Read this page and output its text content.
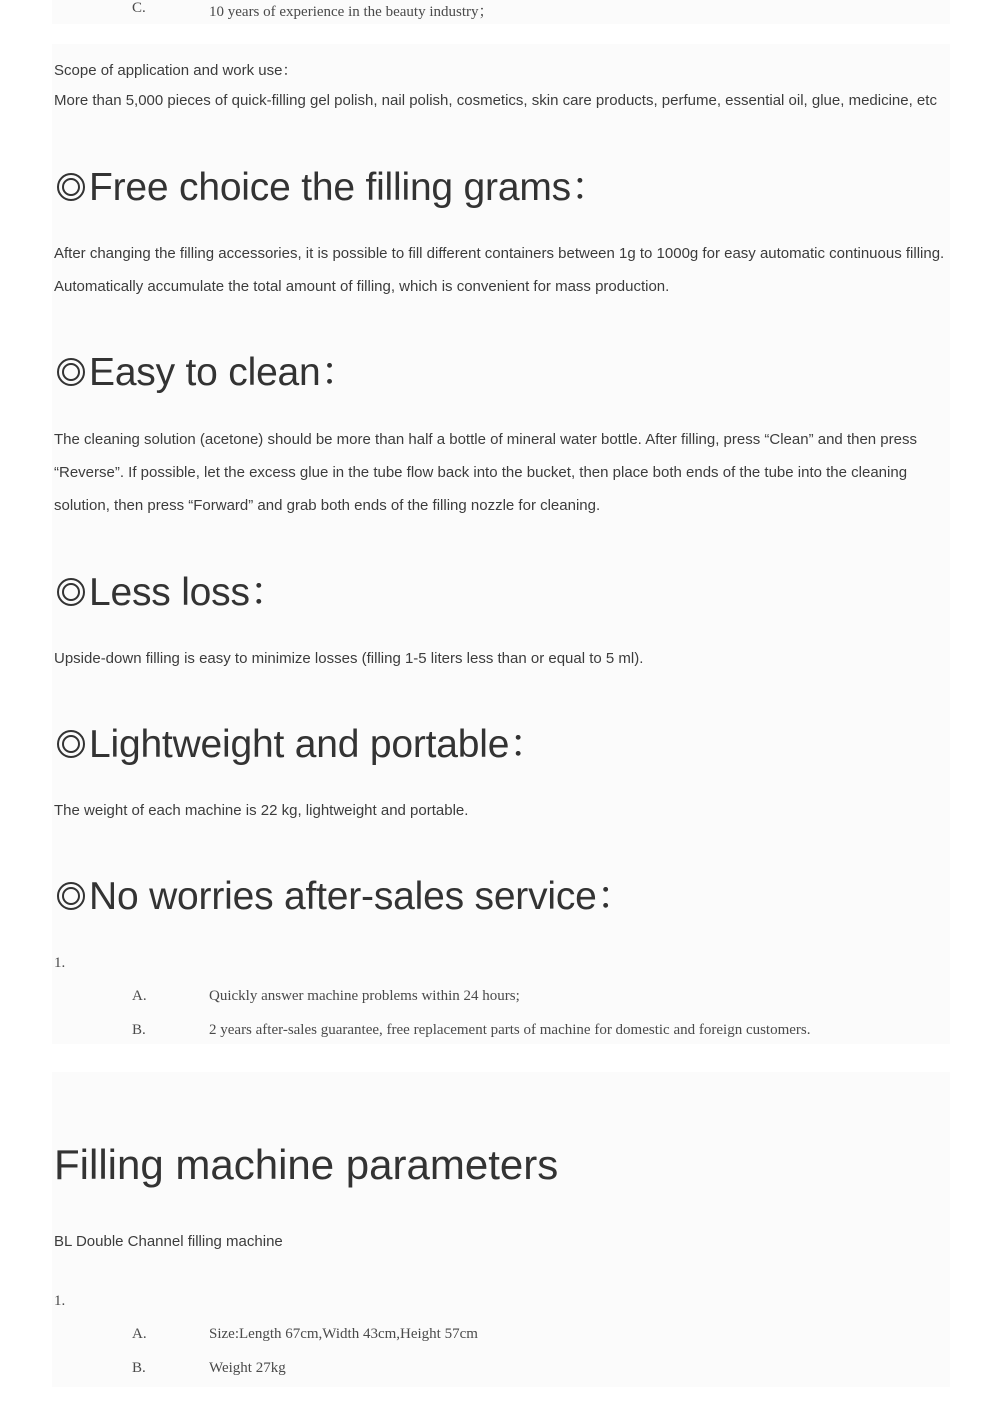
C.	10 years of experience in the beauty industry；
Scope of application and work use：
More than 5,000 pieces of quick-filling gel polish, nail polish, cosmetics, skin care products, perfume, essential oil, glue, medicine, etc
Free choice the filling grams：
After changing the filling accessories, it is possible to fill different containers between 1g to 1000g for easy automatic continuous filling.
Automatically accumulate the total amount of filling, which is convenient for mass production.
Easy to clean：
The cleaning solution (acetone) should be more than half a bottle of mineral water bottle. After filling, press “Clean” and then press
“Reverse”. If possible, let the excess glue in the tube flow back into the bucket, then place both ends of the tube into the cleaning
solution, then press “Forward” and grab both ends of the filling nozzle for cleaning.
Less loss：
Upside-down filling is easy to minimize losses (filling 1-5 liters less than or equal to 5 ml).
Lightweight and portable：
The weight of each machine is 22 kg, lightweight and portable.
No worries after-sales service：
1.
A.	Quickly answer machine problems within 24 hours;
B.	2 years after-sales guarantee, free replacement parts of machine for domestic and foreign customers.
Filling machine parameters
BL Double Channel filling machine
1.
A.	Size:Length 67cm,Width 43cm,Height 57cm
B.	Weight 27kg
